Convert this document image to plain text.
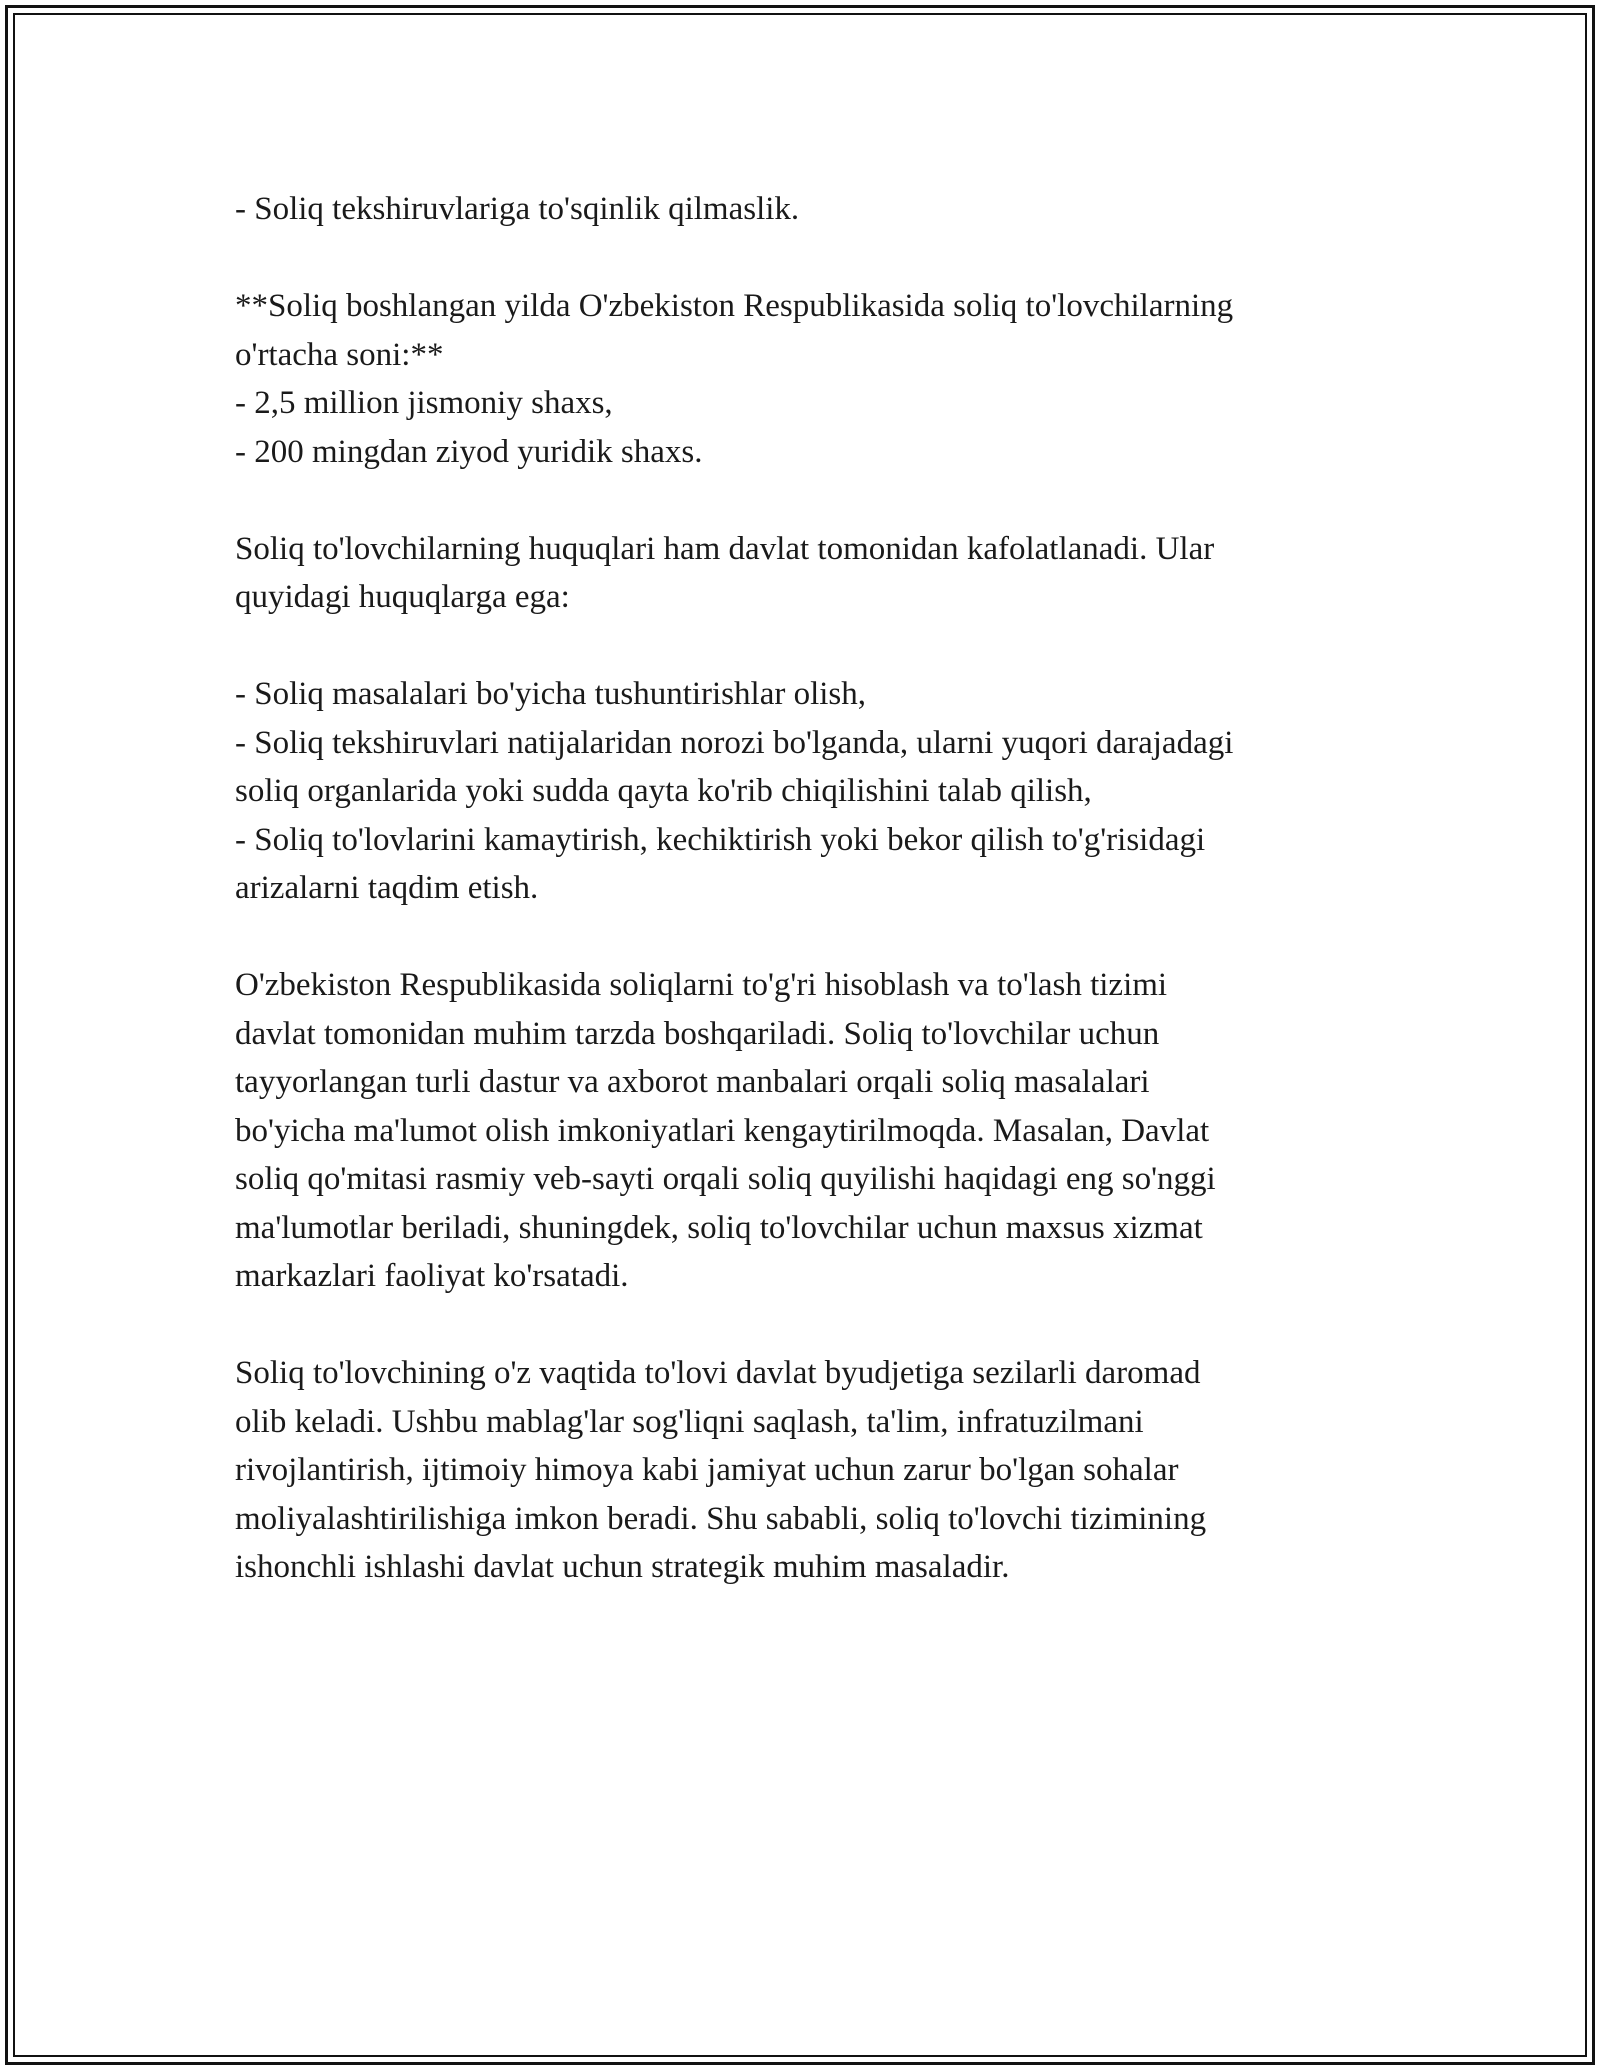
- Soliq tekshiruvlariga to'sqinlik qilmaslik.
**Soliq boshlangan yilda O'zbekiston Respublikasida soliq to'lovchilarning
o'rtacha soni:**
- 2,5 million jismoniy shaxs,
- 200 mingdan ziyod yuridik shaxs.
Soliq to'lovchilarning huquqlari ham davlat tomonidan kafolatlanadi. Ular
quyidagi huquqlarga ega:
- Soliq masalalari bo'yicha tushuntirishlar olish,
- Soliq tekshiruvlari natijalaridan norozi bo'lganda, ularni yuqori darajadagi
soliq organlarida yoki sudda qayta ko'rib chiqilishini talab qilish,
- Soliq to'lovlarini kamaytirish, kechiktirish yoki bekor qilish to'g'risidagi
arizalarni taqdim etish.
O'zbekiston Respublikasida soliqlarni to'g'ri hisoblash va to'lash tizimi
davlat tomonidan muhim tarzda boshqariladi. Soliq to'lovchilar uchun
tayyorlangan turli dastur va axborot manbalari orqali soliq masalalari
bo'yicha ma'lumot olish imkoniyatlari kengaytirilmoqda. Masalan, Davlat
soliq qo'mitasi rasmiy veb-sayti orqali soliq quyilishi haqidagi eng so'nggi
ma'lumotlar beriladi, shuningdek, soliq to'lovchilar uchun maxsus xizmat
markazlari faoliyat ko'rsatadi.
Soliq to'lovchining o'z vaqtida to'lovi davlat byudjetiga sezilarli daromad
olib keladi. Ushbu mablag'lar sog'liqni saqlash, ta'lim, infratuzilmani
rivojlantirish, ijtimoiy himoya kabi jamiyat uchun zarur bo'lgan sohalar
moliyalashtirilishiga imkon beradi. Shu sababli, soliq to'lovchi tizimining
ishonchli ishlashi davlat uchun strategik muhim masaladir.
